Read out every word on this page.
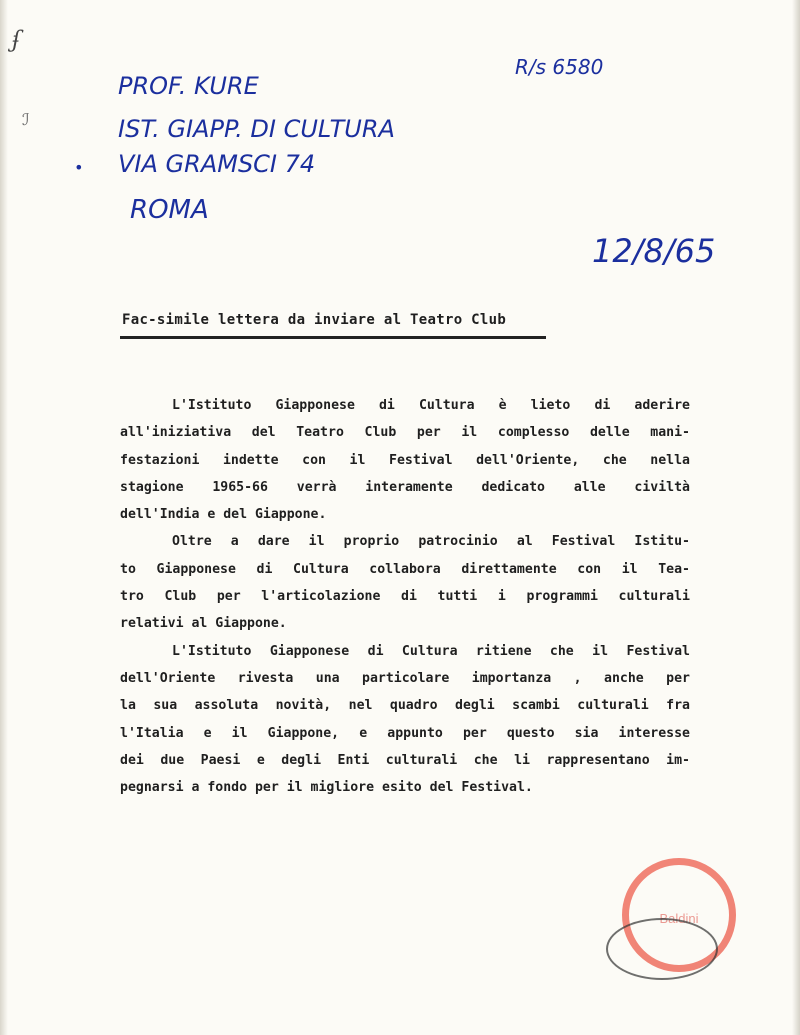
ʄ
ℐ
PROF. KURE
IST. GIAPP. DI CULTURA
• VIA GRAMSCI 74
ROMA
R/s 6580
12/8/65
Fac-simile lettera da inviare al Teatro Club
L'Istituto Giapponese di Cultura è lieto di aderire
all'iniziativa del Teatro Club per il complesso delle mani-
festazioni indette con il Festival dell'Oriente, che nella
stagione 1965-66 verrà interamente dedicato alle civiltà
dell'India e del Giappone.
Oltre a dare il proprio patrocinio al Festival Istitu-
to Giapponese di Cultura collabora direttamente con il Tea-
tro Club per l'articolazione di tutti i programmi culturali
relativi al Giappone.
L'Istituto Giapponese di Cultura ritiene che il Festival
dell'Oriente rivesta una particolare importanza , anche per
la sua assoluta novità, nel quadro degli scambi culturali fra
l'Italia e il Giappone, e appunto per questo sia interesse
dei due Paesi e degli Enti culturali che li rappresentano im-
pegnarsi a fondo per il migliore esito del Festival.
Baldini
